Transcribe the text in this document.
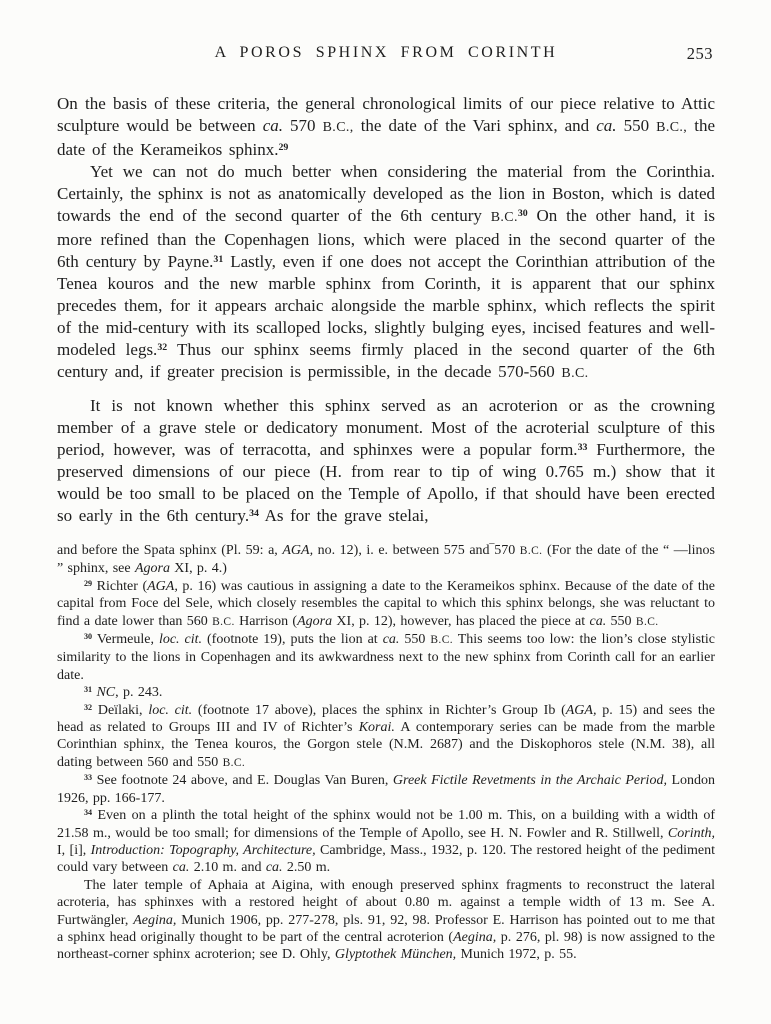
A POROS SPHINX FROM CORINTH	253

On the basis of these criteria, the general chronological limits of our piece relative to Attic sculpture would be between ca. 570 B.C., the date of the Vari sphinx, and ca. 550 B.C., the date of the Kerameikos sphinx.$^{29}$

Yet we can not do much better when considering the material from the Corinthia. Certainly, the sphinx is not as anatomically developed as the lion in Boston, which is dated towards the end of the second quarter of the 6th century B.C.$^{30}$ On the other hand, it is more refined than the Copenhagen lions, which were placed in the second quarter of the 6th century by Payne.$^{31}$ Lastly, even if one does not accept the Corinthian attribution of the Tenea kouros and the new marble sphinx from Corinth, it is apparent that our sphinx precedes them, for it appears archaic alongside the marble sphinx, which reflects the spirit of the mid-century with its scalloped locks, slightly bulging eyes, incised features and well-modeled legs.$^{32}$ Thus our sphinx seems firmly placed in the second quarter of the 6th century and, if greater precision is permissible, in the decade 570-560 B.C.

It is not known whether this sphinx served as an acroterion or as the crowning member of a grave stele or dedicatory monument. Most of the acroterial sculpture of this period, however, was of terracotta, and sphinxes were a popular form.$^{33}$ Furthermore, the preserved dimensions of our piece (H. from rear to tip of wing 0.765 m.) show that it would be too small to be placed on the Temple of Apollo, if that should have been erected so early in the 6th century.$^{34}$ As for the grave stelai,

and before the Spata sphinx (Pl. 59: a, AGA, no. 12), i. e. between 575 and‾570 B.C. (For the date of the “ —linos ” sphinx, see Agora XI, p. 4.)

$^{29}$ Richter (AGA, p. 16) was cautious in assigning a date to the Kerameikos sphinx. Because of the date of the capital from Foce del Sele, which closely resembles the capital to which this sphinx belongs, she was reluctant to find a date lower than 560 B.C. Harrison (Agora XI, p. 12), however, has placed the piece at ca. 550 B.C.

$^{30}$ Vermeule, loc. cit. (footnote 19), puts the lion at ca. 550 B.C. This seems too low: the lion’s close stylistic similarity to the lions in Copenhagen and its awkwardness next to the new sphinx from Corinth call for an earlier date.

$^{31}$ NC, p. 243.

$^{32}$ Deïlaki, loc. cit. (footnote 17 above), places the sphinx in Richter’s Group Ib (AGA, p. 15) and sees the head as related to Groups III and IV of Richter’s Korai. A contemporary series can be made from the marble Corinthian sphinx, the Tenea kouros, the Gorgon stele (N.M. 2687) and the Diskophoros stele (N.M. 38), all dating between 560 and 550 B.C.

$^{33}$ See footnote 24 above, and E. Douglas Van Buren, Greek Fictile Revetments in the Archaic Period, London 1926, pp. 166-177.

$^{34}$ Even on a plinth the total height of the sphinx would not be 1.00 m. This, on a building with a width of 21.58 m., would be too small; for dimensions of the Temple of Apollo, see H. N. Fowler and R. Stillwell, Corinth, I, [i], Introduction: Topography, Architecture, Cambridge, Mass., 1932, p. 120. The restored height of the pediment could vary between ca. 2.10 m. and ca. 2.50 m.

The later temple of Aphaia at Aigina, with enough preserved sphinx fragments to reconstruct the lateral acroteria, has sphinxes with a restored height of about 0.80 m. against a temple width of 13 m. See A. Furtwängler, Aegina, Munich 1906, pp. 277-278, pls. 91, 92, 98. Professor E. Harrison has pointed out to me that a sphinx head originally thought to be part of the central acroterion (Aegina, p. 276, pl. 98) is now assigned to the northeast-corner sphinx acroterion; see D. Ohly, Glyptothek München, Munich 1972, p. 55.
